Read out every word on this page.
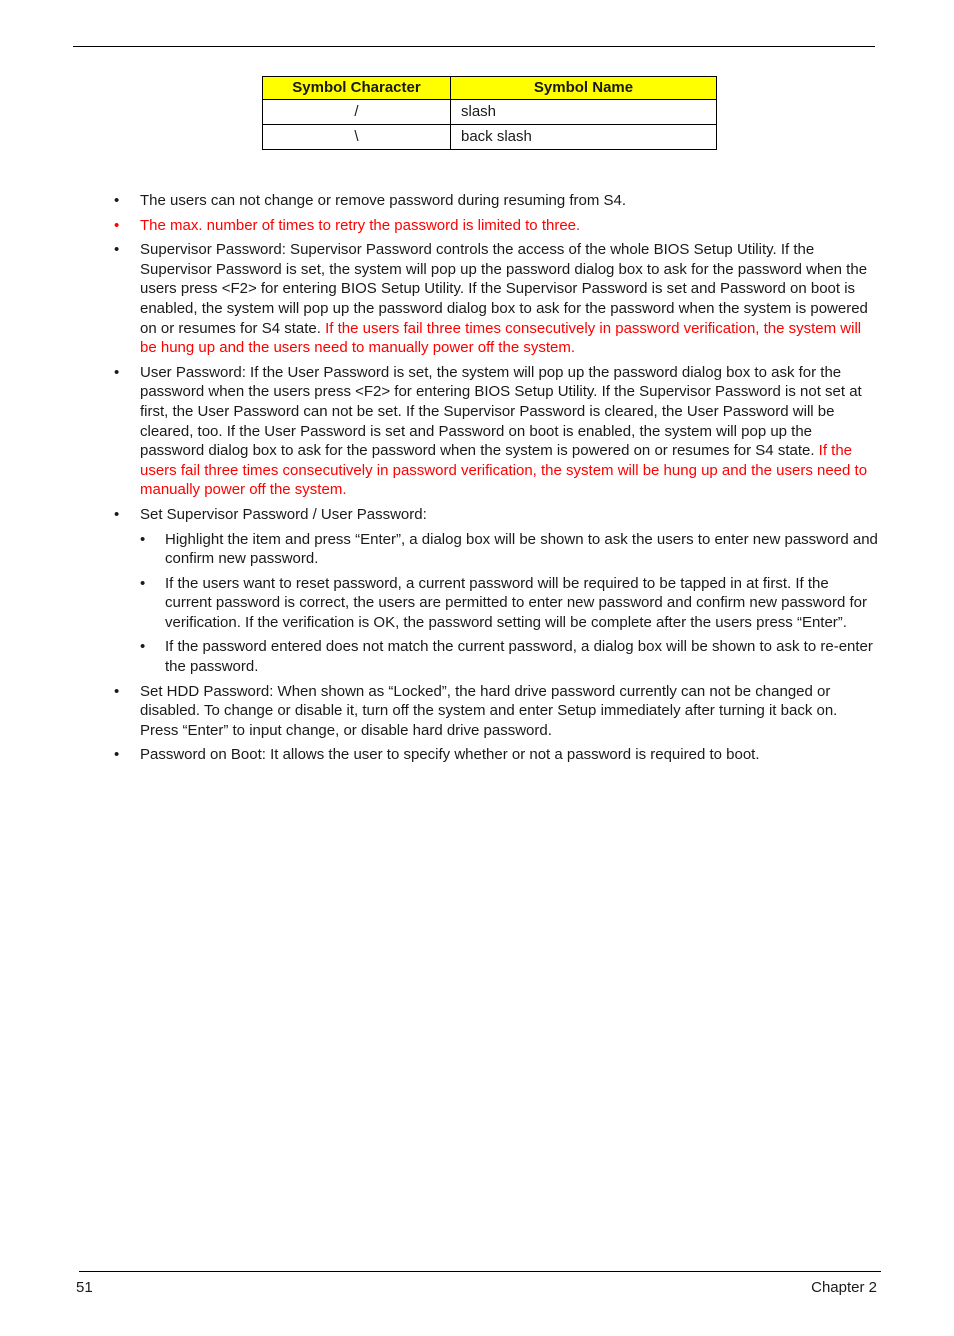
Symbol Character	Symbol Name
/	slash
\	back slash
• The users can not change or remove password during resuming from S4.
• The max. number of times to retry the password is limited to three.
• Supervisor Password: Supervisor Password controls the access of the whole BIOS Setup Utility. If the Supervisor Password is set, the system will pop up the password dialog box to ask for the password when the users press <F2> for entering BIOS Setup Utility. If the Supervisor Password is set and Password on boot is enabled, the system will pop up the password dialog box to ask for the password when the system is powered on or resumes for S4 state. If the users fail three times consecutively in password verification, the system will be hung up and the users need to manually power off the system.
• User Password: If the User Password is set, the system will pop up the password dialog box to ask for the password when the users press <F2> for entering BIOS Setup Utility. If the Supervisor Password is not set at first, the User Password can not be set. If the Supervisor Password is cleared, the User Password will be cleared, too. If the User Password is set and Password on boot is enabled, the system will pop up the password dialog box to ask for the password when the system is powered on or resumes for S4 state. If the users fail three times consecutively in password verification, the system will be hung up and the users need to manually power off the system.
• Set Supervisor Password / User Password:
• Highlight the item and press “Enter”, a dialog box will be shown to ask the users to enter new password and confirm new password.
• If the users want to reset password, a current password will be required to be tapped in at first. If the current password is correct, the users are permitted to enter new password and confirm new password for verification. If the verification is OK, the password setting will be complete after the users press “Enter”.
• If the password entered does not match the current password, a dialog box will be shown to ask to re-enter the password.
• Set HDD Password: When shown as “Locked”, the hard drive password currently can not be changed or disabled. To change or disable it, turn off the system and enter Setup immediately after turning it back on. Press “Enter” to input change, or disable hard drive password.
• Password on Boot: It allows the user to specify whether or not a password is required to boot.
51	Chapter 2
